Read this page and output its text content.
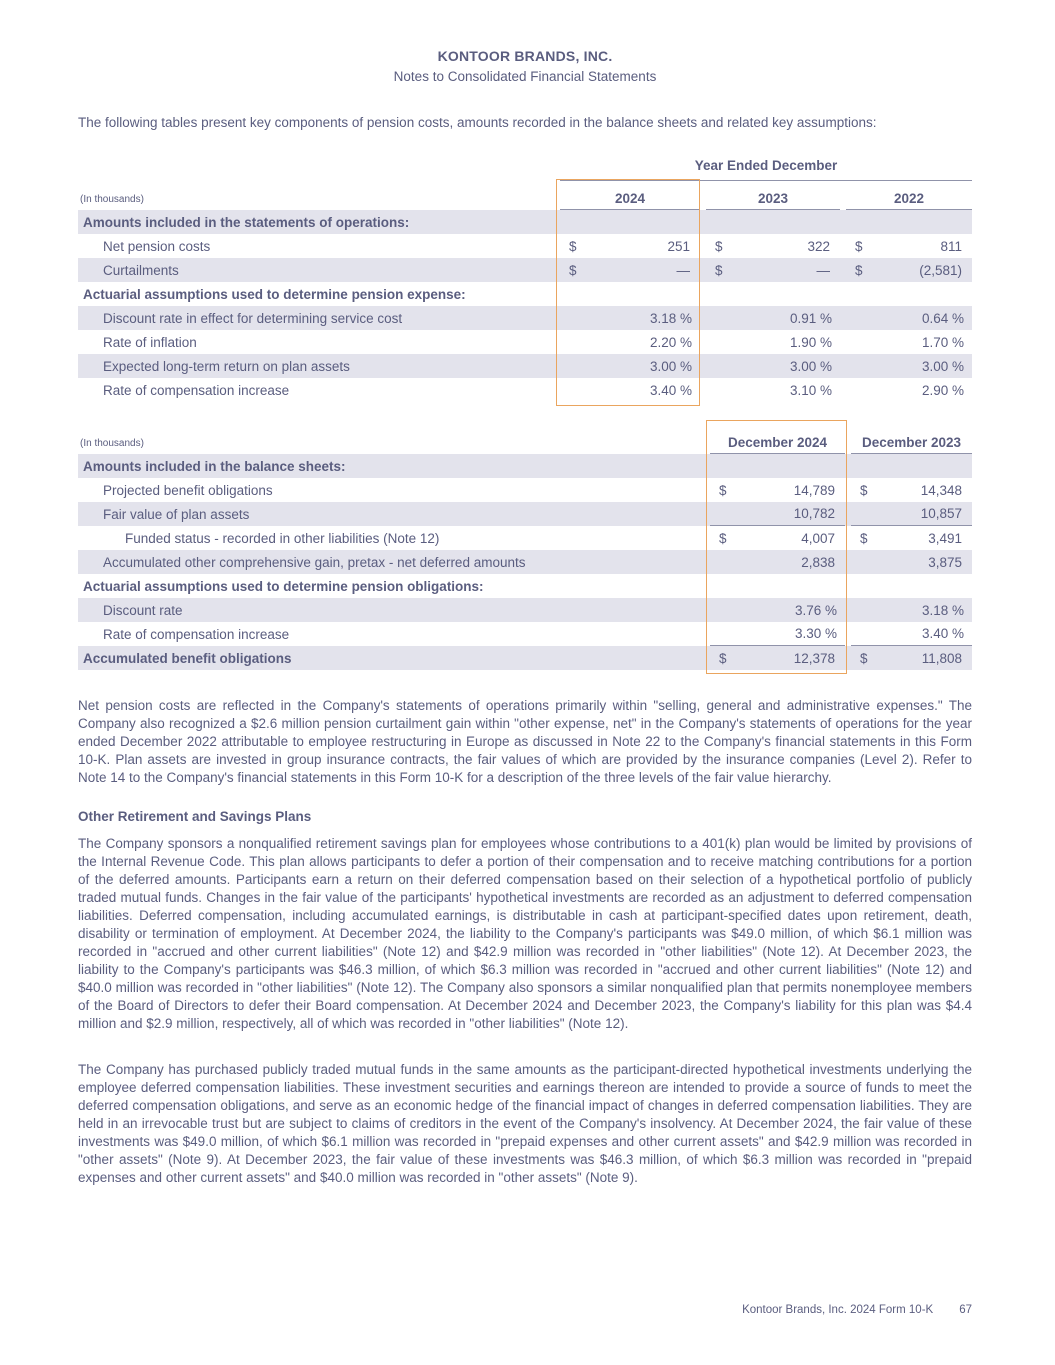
KONTOOR BRANDS, INC.
Notes to Consolidated Financial Statements
The following tables present key components of pension costs, amounts recorded in the balance sheets and related key assumptions:
Year Ended December
(In thousands)	2024	2023	2022
Amounts included in the statements of operations:
Net pension costs	$	251 $	322 $	811
Curtailments	$	— $	— $	(2,581)
Actuarial assumptions used to determine pension expense:
Discount rate in effect for determining service cost	3.18 %	0.91 %	0.64 %
Rate of inflation	2.20 %	1.90 %	1.70 %
Expected long-term return on plan assets	3.00 %	3.00 %	3.00 %
Rate of compensation increase	3.40 %	3.10 %	2.90 %
(In thousands)	December 2024	December 2023
Amounts included in the balance sheets:
Projected benefit obligations	$	14,789 $	14,348
Fair value of plan assets	10,782	10,857
Funded status - recorded in other liabilities (Note 12)	$	4,007 $	3,491
Accumulated other comprehensive gain, pretax - net deferred amounts	2,838	3,875
Actuarial assumptions used to determine pension obligations:
Discount rate	3.76 %	3.18 %
Rate of compensation increase	3.30 %	3.40 %
Accumulated benefit obligations	$	12,378 $	11,808
Net pension costs are reflected in the Company's statements of operations primarily within "selling, general and administrative expenses." The Company also recognized a $2.6 million pension curtailment gain within "other expense, net" in the Company's statements of operations for the year ended December 2022 attributable to employee restructuring in Europe as discussed in Note 22 to the Company's financial statements in this Form 10-K. Plan assets are invested in group insurance contracts, the fair values of which are provided by the insurance companies (Level 2). Refer to Note 14 to the Company's financial statements in this Form 10-K for a description of the three levels of the fair value hierarchy.
Other Retirement and Savings Plans
The Company sponsors a nonqualified retirement savings plan for employees whose contributions to a 401(k) plan would be limited by provisions of the Internal Revenue Code. This plan allows participants to defer a portion of their compensation and to receive matching contributions for a portion of the deferred amounts. Participants earn a return on their deferred compensation based on their selection of a hypothetical portfolio of publicly traded mutual funds. Changes in the fair value of the participants' hypothetical investments are recorded as an adjustment to deferred compensation liabilities. Deferred compensation, including accumulated earnings, is distributable in cash at participant-specified dates upon retirement, death, disability or termination of employment. At December 2024, the liability to the Company's participants was $49.0 million, of which $6.1 million was recorded in "accrued and other current liabilities" (Note 12) and $42.9 million was recorded in "other liabilities" (Note 12). At December 2023, the liability to the Company's participants was $46.3 million, of which $6.3 million was recorded in "accrued and other current liabilities" (Note 12) and $40.0 million was recorded in "other liabilities" (Note 12). The Company also sponsors a similar nonqualified plan that permits nonemployee members of the Board of Directors to defer their Board compensation. At December 2024 and December 2023, the Company's liability for this plan was $4.4 million and $2.9 million, respectively, all of which was recorded in "other liabilities" (Note 12).
The Company has purchased publicly traded mutual funds in the same amounts as the participant-directed hypothetical investments underlying the employee deferred compensation liabilities. These investment securities and earnings thereon are intended to provide a source of funds to meet the deferred compensation obligations, and serve as an economic hedge of the financial impact of changes in deferred compensation liabilities. They are held in an irrevocable trust but are subject to claims of creditors in the event of the Company's insolvency. At December 2024, the fair value of these investments was $49.0 million, of which $6.1 million was recorded in "prepaid expenses and other current assets" and $42.9 million was recorded in "other assets" (Note 9). At December 2023, the fair value of these investments was $46.3 million, of which $6.3 million was recorded in "prepaid expenses and other current assets" and $40.0 million was recorded in "other assets" (Note 9).
Kontoor Brands, Inc. 2024 Form 10-K 67
